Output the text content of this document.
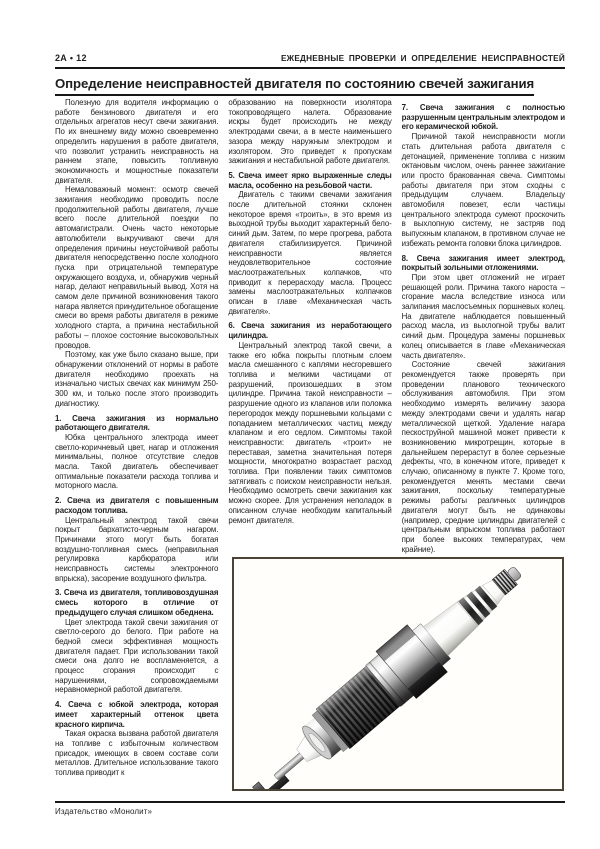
2А • 12	ЕЖЕДНЕВНЫЕ ПРОВЕРКИ И ОПРЕДЕЛЕНИЕ НЕИСПРАВНОСТЕЙ
Определение неисправностей двигателя по состоянию свечей зажигания

Полезную для водителя информацию о работе бензинового двигателя и его отдельных агрегатов несут свечи зажигания. По их внешнему виду можно своевременно определить нарушения в работе двигателя, что позволит устранить неисправность на раннем этапе, повысить топливную экономичность и мощностные показатели двигателя.

Немаловажный момент: осмотр свечей зажигания необходимо проводить после продолжительной работы двигателя, лучше всего после длительной поездки по автомагистрали. Очень часто некоторые автолюбители выкручивают свечи для определения причины неустойчивой работы двигателя непосредственно после холодного пуска при отрицательной температуре окружающего воздуха, и, обнаружив черный нагар, делают неправильный вывод. Хотя на самом деле причиной возникновения такого нагара является принудительное обогащение смеси во время работы двигателя в режиме холодного старта, а причина нестабильной работы – плохое состояние высоковольтных проводов.

Поэтому, как уже было сказано выше, при обнаружении отклонений от нормы в работе двигателя необходимо проехать на изначально чистых свечах как минимум 250-300 км, и только после этого производить диагностику.

1. Свеча зажигания из нормально работающего двигателя.

Юбка центрального электрода имеет светло-коричневый цвет, нагар и отложения минимальны, полное отсутствие следов масла. Такой двигатель обеспечивает оптимальные показатели расхода топлива и моторного масла.

2. Свеча из двигателя с повышенным расходом топлива.

Центральный электрод такой свечи покрыт бархатисто-черным нагаром. Причинами этого могут быть богатая воздушно-топливная смесь (неправильная регулировка карбюратора или неисправность системы электронного впрыска), засорение воздушного фильтра.

3. Свеча из двигателя, топливовоздушная смесь которого в отличие от предыдущего случая слишком обеднена.

Цвет электрода такой свечи зажигания от светло-серого до белого. При работе на бедной смеси эффективная мощность двигателя падает. При использовании такой смеси она долго не воспламеняется, а процесс сгорания происходит с нарушениями, сопровождаемыми неравномерной работой двигателя.

4. Свеча с юбкой электрода, которая имеет характерный оттенок цвета красного кирпича.

Такая окраска вызвана работой двигателя на топливе с избыточным количеством присадок, имеющих в своем составе соли металлов. Длительное использование такого топлива приводит к

образованию на поверхности изолятора токопроводящего налета. Образование искры будет происходить не между электродами свечи, а в месте наименьшего зазора между наружным электродом и изолятором. Это приведет к пропускам зажигания и нестабильной работе двигателя.

5. Свеча имеет ярко выраженные следы масла, особенно на резьбовой части.

Двигатель с такими свечами зажигания после длительной стоянки склонен некоторое время «троить», в это время из выходной трубы выходит характерный бело-синий дым. Затем, по мере прогрева, работа двигателя стабилизируется. Причиной неисправности является неудовлетворительное состояние маслоотражательных колпачков, что приводит к перерасходу масла. Процесс замены маслоотражательных колпачков описан в главе «Механическая часть двигателя».

6. Свеча зажигания из неработающего цилиндра.

Центральный электрод такой свечи, а также его юбка покрыты плотным слоем масла смешанного с каплями несгоревшего топлива и мелкими частицами от разрушений, произошедших в этом цилиндре. Причина такой неисправности – разрушение одного из клапанов или поломка перегородок между поршневыми кольцами с попаданием металлических частиц между клапаном и его седлом. Симптомы такой неисправности: двигатель «троит» не переставая, заметна значительная потеря мощности, многократно возрастает расход топлива. При появлении таких симптомов затягивать с поиском неисправности нельзя. Необходимо осмотреть свечи зажигания как можно скорее. Для устранения неполадок в описанном случае необходим капитальный ремонт двигателя.

7. Свеча зажигания с полностью разрушенным центральным электродом и его керамической юбкой.

Причиной такой неисправности могли стать длительная работа двигателя с детонацией, применение топлива с низким октановым числом, очень раннее зажигание или просто бракованная свеча. Симптомы работы двигателя при этом сходны с предыдущим случаем. Владельцу автомобиля повезет, если частицы центрального электрода сумеют проскочить в выхлопную систему, не застряв под выпускным клапаном, в противном случае не избежать ремонта головки блока цилиндров.

8. Свеча зажигания имеет электрод, покрытый зольными отложениями.

При этом цвет отложений не играет решающей роли. Причина такого нароста – сгорание масла вследствие износа или залипания маслосъемных поршневых колец. На двигателе наблюдается повышенный расход масла, из выхлопной трубы валит синий дым. Процедура замены поршневых колец описывается в главе «Механическая часть двигателя».

Состояние свечей зажигания рекомендуется также проверять при проведении планового технического обслуживания автомобиля. При этом необходимо измерять величину зазора между электродами свечи и удалять нагар металлической щеткой. Удаление нагара пескоструйной машиной может привести к возникновению микротрещин, которые в дальнейшем перерастут в более серьезные дефекты, что, в конечном итоге, приведет к случаю, описанному в пункте 7. Кроме того, рекомендуется менять местами свечи зажигания, поскольку температурные режимы работы различных цилиндров двигателя могут быть не одинаковы (например, средние цилиндры двигателей с центральным впрыском топлива работают при более высоких температурах, чем крайние).

Издательство «Монолит»
